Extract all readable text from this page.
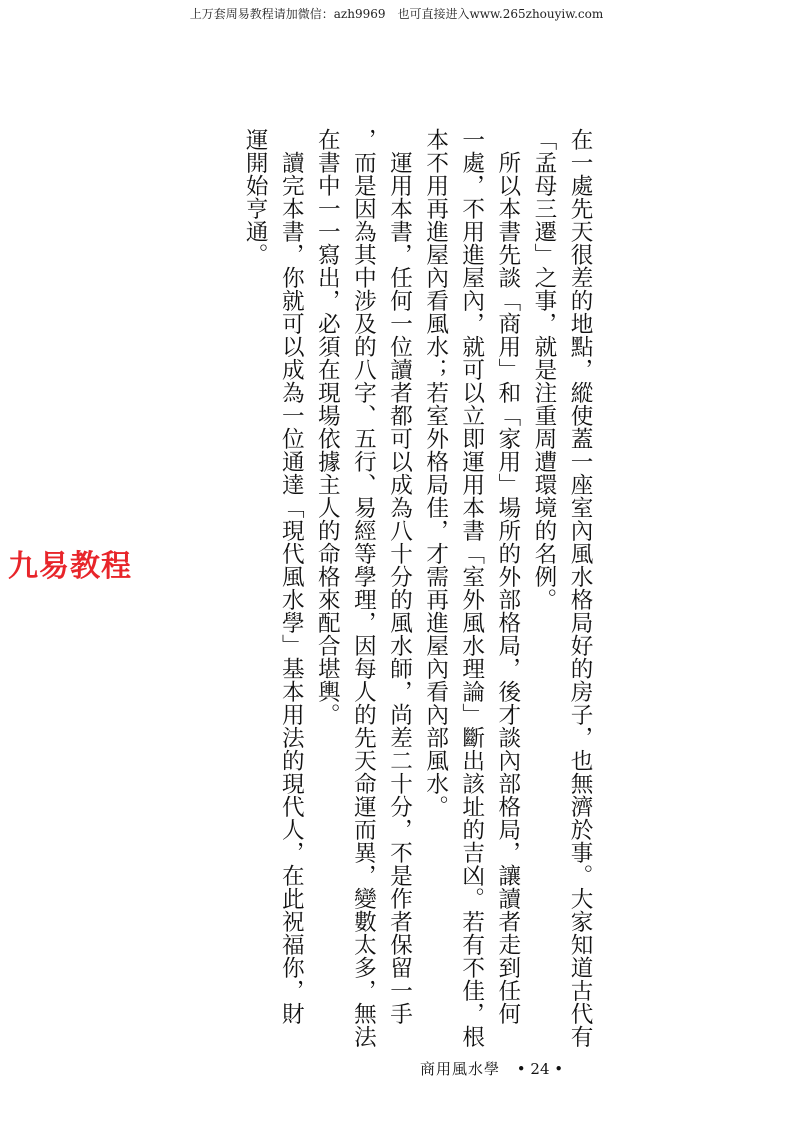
上万套周易教程请加微信：azh9969　也可直接进入www.265zhouyiw.com

在一處先天很差的地點，縱使蓋一座室內風水格局好的房子，也無濟於事。大家知道古代有

「孟母三遷」之事，就是注重周遭環境的名例。

　所以本書先談「商用」和「家用」場所的外部格局，後才談內部格局，讓讀者走到任何

一處，不用進屋內，就可以立即運用本書「室外風水理論」斷出該址的吉凶。若有不佳，根

本不用再進屋內看風水；若室外格局佳，才需再進屋內看內部風水。

　運用本書，任何一位讀者都可以成為八十分的風水師，尚差二十分，不是作者保留一手

，而是因為其中涉及的八字、五行、易經等學理，因每人的先天命運而異，變數太多，無法

在書中一一寫出，必須在現場依據主人的命格來配合堪輿。

　讀完本書，你就可以成為一位通達「現代風水學」基本用法的現代人，在此祝福你，財

運開始亨通。

九易教程
商用風水學 • 24 •
